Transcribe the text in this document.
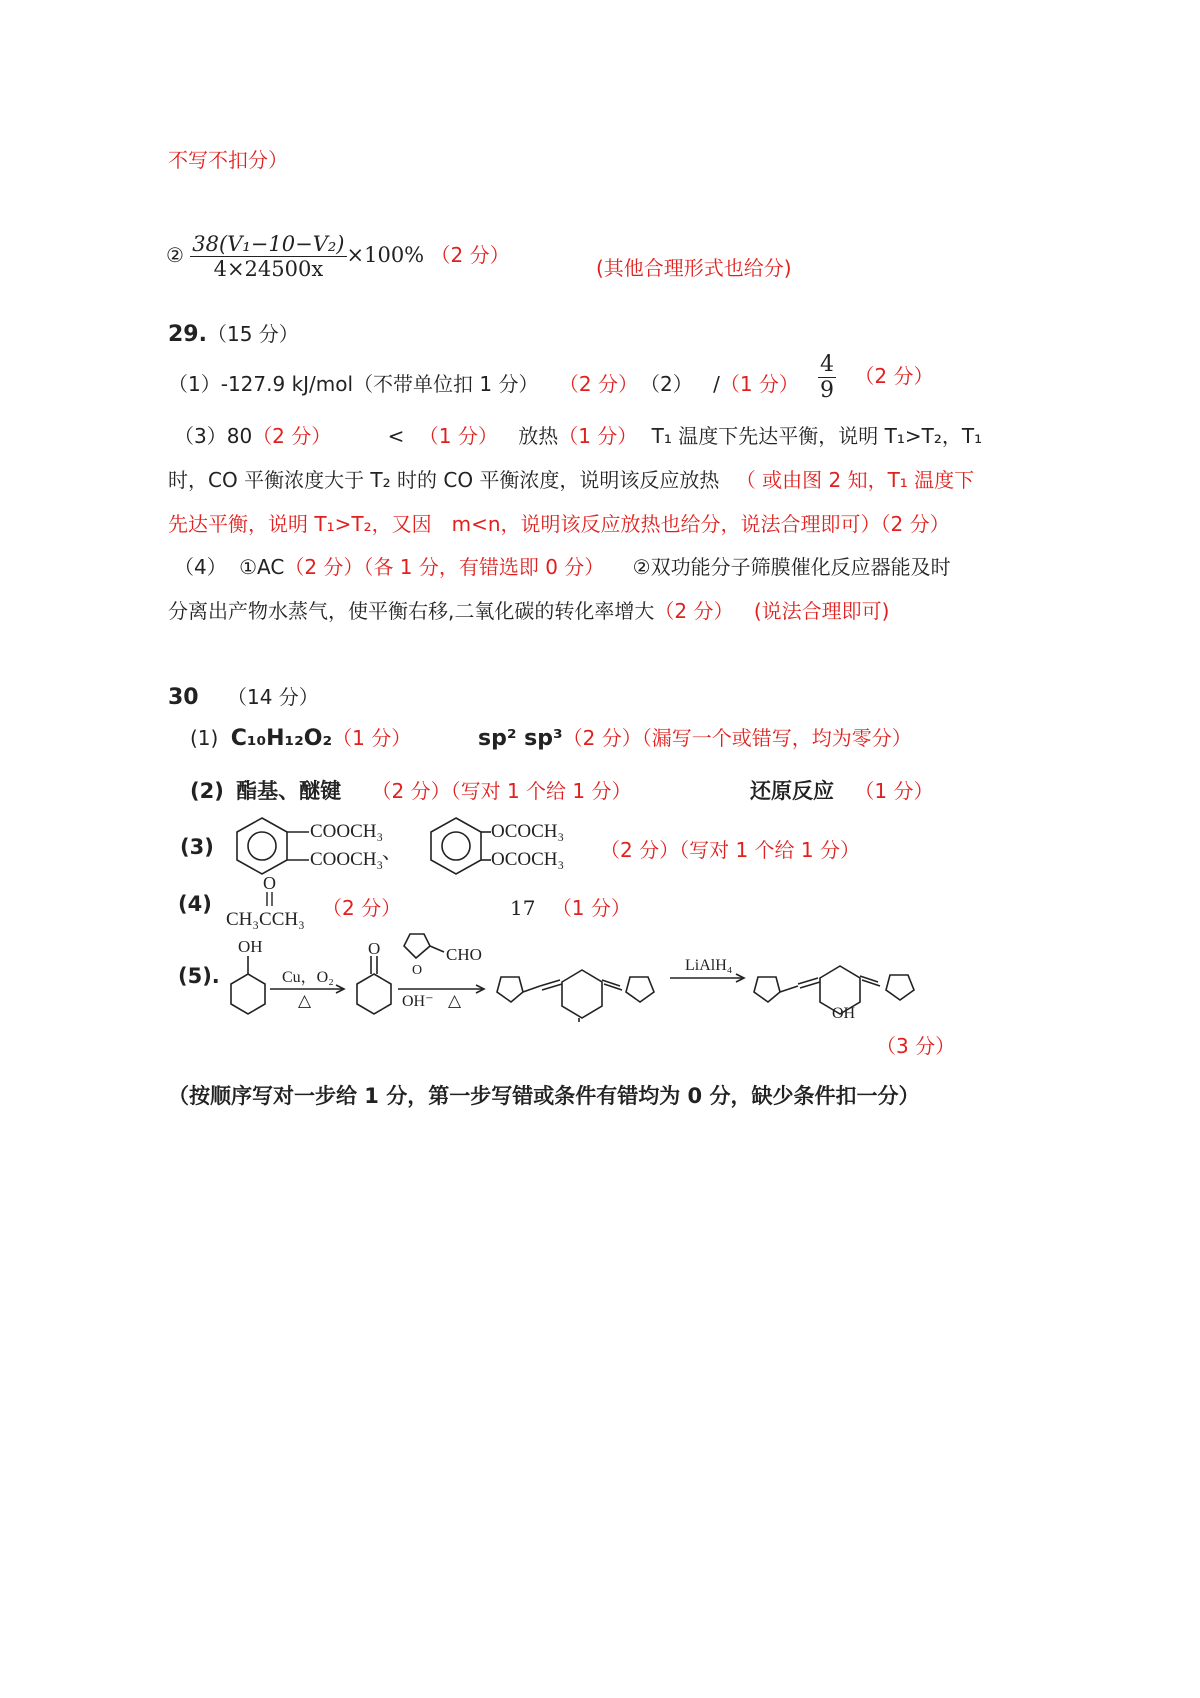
不写不扣分）
② $\frac{\text{38(V₁−10−V₂)}}{4\times 24500x} \times 100\%$ （2 分）
(其他合理形式也给分)
29.（15 分）
（1）-127.9 kJ/mol（不带单位扣 1 分） （2 分） （2） /（1 分） $\frac{4}{9} (2$ 分）
（3）80（2 分）	< （1 分） 放热（1 分） T₁ 温度下先达平衡，说明 T₁>T₂，T₁
时，CO 平衡浓度大于 T₂ 时的 CO 平衡浓度，说明该反应放热 （ 或由图 2 知，T₁ 温度下
先达平衡，说明 T₁>T₂，又因　m<n，说明该反应放热也给分，说法合理即可）（2 分）
（4） ①AC（2 分）（各 1 分，有错选即 0 分） ②双功能分子筛膜催化反应器能及时
分离出产物水蒸气，使平衡右移,二氧化碳的转化率增大（2 分） (说法合理即可)
30 （14 分）
(1) C₁₀H₁₂O₂（1 分）	sp² sp³（2 分）（漏写一个或错写，均为零分）
(2) 酯基、醚键 （2 分）（写对 1 个给 1 分）	还原反应 （1 分）
(3)
COOCH₃
COOCH₃
、
OCOCH₃
OCOCH₃ （2 分）（写对 1 个给 1 分）
(4)
O
CH₃CCH₃ （2 分）	17 （1 分）
(5).
OH
Cu，O₂
△
O
O
CHO
OH⁻ △
LiAlH₄
OH
（3 分）
（按顺序写对一步给 1 分，第一步写错或条件有错均为 0 分，缺少条件扣一分）
